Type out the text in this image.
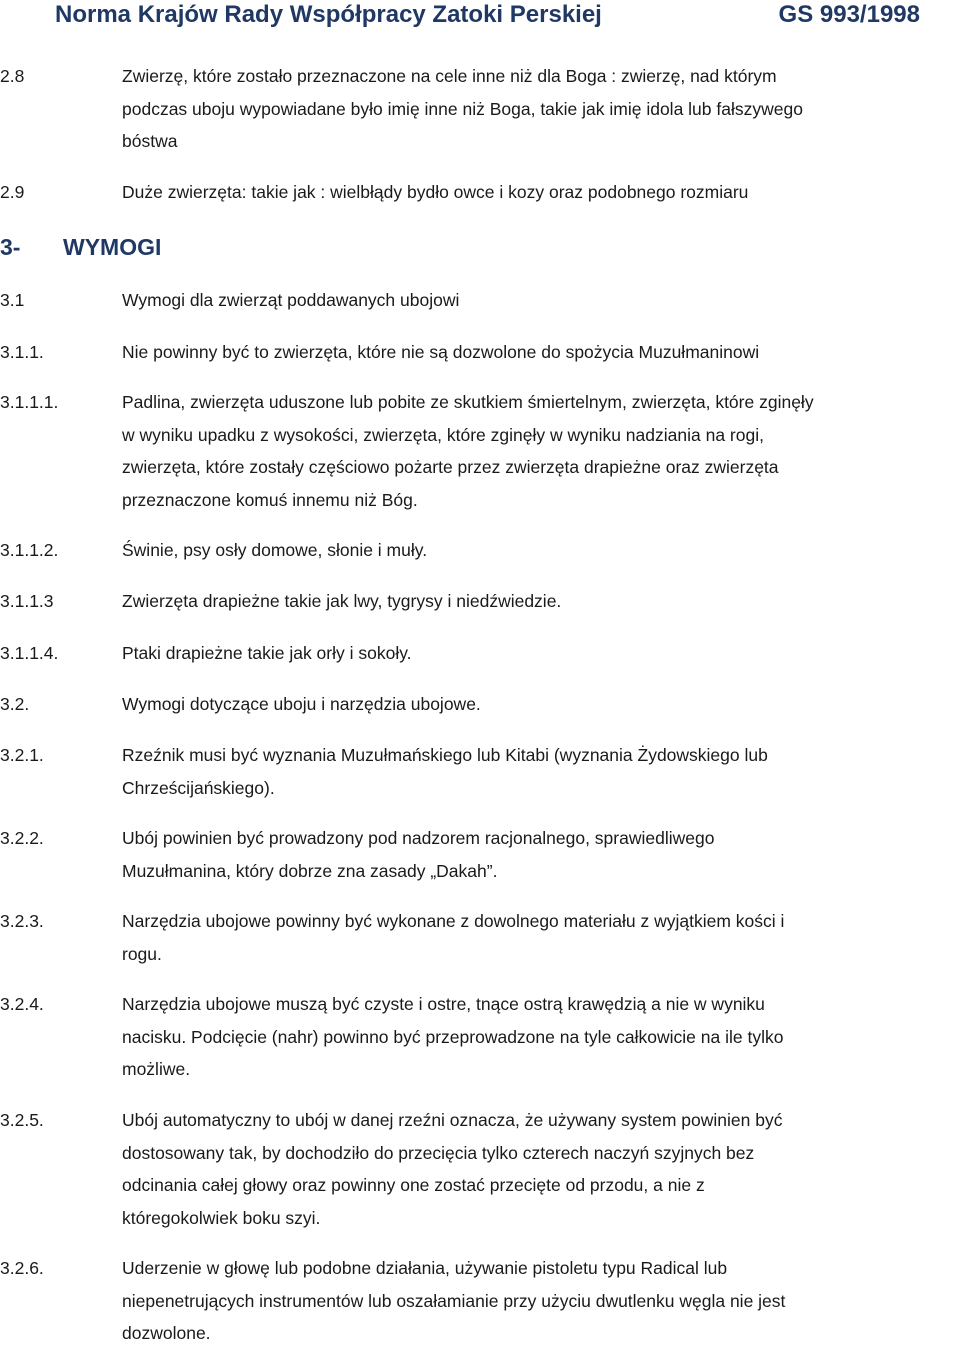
Norma Krajów Rady Współpracy Zatoki Perskiej	GS 993/1998
2.8	Zwierzę, które zostało przeznaczone na cele inne niż dla Boga : zwierzę, nad którym
podczas uboju wypowiadane było imię inne niż Boga, takie jak imię idola lub fałszywego
bóstwa
2.9	Duże zwierzęta: takie jak : wielbłądy bydło owce i kozy oraz podobnego rozmiaru
3- WYMOGI
3.1	Wymogi dla zwierząt poddawanych ubojowi
3.1.1.	Nie powinny być to zwierzęta, które nie są dozwolone do spożycia Muzułmaninowi
3.1.1.1.	Padlina, zwierzęta uduszone lub pobite ze skutkiem śmiertelnym, zwierzęta, które zginęły
w wyniku upadku z wysokości, zwierzęta, które zginęły w wyniku nadziania na rogi,
zwierzęta, które zostały częściowo pożarte przez zwierzęta drapieżne oraz zwierzęta
przeznaczone komuś innemu niż Bóg.
3.1.1.2.	Świnie, psy osły domowe, słonie i muły.
3.1.1.3	Zwierzęta drapieżne takie jak lwy, tygrysy i niedźwiedzie.
3.1.1.4.	Ptaki drapieżne takie jak orły i sokoły.
3.2.	Wymogi dotyczące uboju i narzędzia ubojowe.
3.2.1.	Rzeźnik musi być wyznania Muzułmańskiego lub Kitabi (wyznania Żydowskiego lub
Chrześcijańskiego).
3.2.2.	Ubój powinien być prowadzony pod nadzorem racjonalnego, sprawiedliwego
Muzułmanina, który dobrze zna zasady „Dakah”.
3.2.3.	Narzędzia ubojowe powinny być wykonane z dowolnego materiału z wyjątkiem kości i
rogu.
3.2.4.	Narzędzia ubojowe muszą być czyste i ostre, tnące ostrą krawędzią a nie w wyniku
nacisku. Podcięcie (nahr) powinno być przeprowadzone na tyle całkowicie na ile tylko
możliwe.
3.2.5.	Ubój automatyczny to ubój w danej rzeźni oznacza, że używany system powinien być
dostosowany tak, by dochodziło do przecięcia tylko czterech naczyń szyjnych bez
odcinania całej głowy oraz powinny one zostać przecięte od przodu, a nie z
któregokolwiek boku szyi.
3.2.6.	Uderzenie w głowę lub podobne działania, używanie pistoletu typu Radical lub
niepenetrujących instrumentów lub oszałamianie przy użyciu dwutlenku węgla nie jest
dozwolone.
